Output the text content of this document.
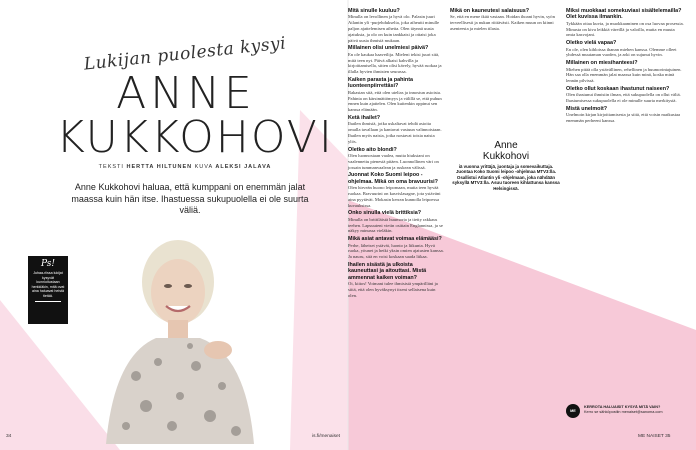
Lukijan puolesta kysyi
ANNE
KUKKOHOVI
TEKSTI HERTTA HILTUNEN KUVA ALEKSI JALAVA
Anne Kukkohovi haluaa, että kumppani on enemmän jalat maassa kuin hän itse. Ihastuessa sukupuolella ei ole suurta väliä.
Ps!
Juhaa-riissa lukijat kysyvät kunnioitustaan herkkiäkin, mitä ovat aina haluavat heistä tietää.
34	is.fi/menaiset
Mitä sinulle kuuluu?
Minulla on levollinen ja hyvä olo. Palasin juuri Atlantin yli -purjehdukselta, joka aiheutti minulle paljon ajattelemisen aihetta. Olen täynnä uusia ajatuksia, ja olo on kuin tankkaisi ja ottaisi joka päivä uusia ihmisiä mukaan.
Millainen olisi unelmiesi päivä?
En ole kaukaa haaveilija. Mieleni tekisi juuri sitä, mitä teen nyt. Päivä alkaisi kahvilla ja kirjoittamisella, sitten olisi kävely, hyvää ruokaa ja illalla hyvien ihmisten seurassa.
Kaiken parasta ja pahinta luonteenpiirrettäsi?
Rakastan sitä, että olen utelias ja innostun asioista. Pahinta on kärsimättömyys ja välillä se, että puhun ennen kuin ajattelen. Olen kuitenkin oppinut sen kanssa elämään.
Ketä ihailet?
Ihailen ihmisiä, jotka uskaltavat tehdä asioita omalla tavallaan ja kantavat vastuun valinnoistaan. Ihailen myös naisia, jotka nostavat toisia naisia ylös.
Oletko aito blondi?
Olen luonnostaan vaalea, mutta hiuksiani on vaalennettu pienestä pitäen. Luonnollinen väri on jossain tummanvaalean ja ruskean välissä.
Juonnat Koko Suomi leipoo -ohjelmaa. Mikä on oma bravuurisi?
Olen hirveän huono leipomaan, mutta teen hyvää ruokaa. Bravuurini on kasvislasagne, jota ystäväni aina pyytävät. Mokasin kerran kunnolla leipoessa kuvauksissa.
Onko sinulla vielä brittiksia?
Minulla on brittiläistä huumoria ja tietty rakkaus teehen. Lapsuuteni vietin osittain Englannissa, ja se näkyy minussa vieläkin.
Mikä asiat antavat voimaa elämääsi?
Perhe, läheiset ystävät, luonto ja liikunta. Hyvä ruoka, yöunet ja hetki yksin omien ajatusten kanssa. Ja nauru, sitä en voisi koskaan saada liikaa.
Ihailen sisästä ja ulkoista kauneuttasi ja aitouttasi. Mistä ammennat kaiken voiman?
Oi, kiitos! Voimani tulee ihmisistä ympärilläni ja siitä, että olen hyväksynyt itseni sellaisena kuin olen.
Mikä on kauneutesi salaisuus?
Se, että en mene ikää vastaan. Hoidan ihoani hyvin, syön terveellisesti ja nukun riittävästi. Kaiken muun on kiinni asenteesta ja mielen tilasta.
Anne
Kukkohovi
iä vuonna yrittäjä, juontaja ja somevaikuttaja. Juontaa Koko Suomi leipoo -ohjelmaa MTV3:lla. Osallistui Atlantin yli -ohjelmaan, joka nähdään syksyllä MTV3:lla. Asuu tuoreen kihlattunsa kanssa Helsingissä.
Miksi muokkaat somekuviasi sisältelemailla? Olet kuvissa ilmankin.
Tykkään ottaa kuvia, ja muokkaaminen on osa luovaa prosessia. Minusta on kiva leikkiä väreillä ja valoilla, mutta en muuta omia kasvojani.
Oletko vielä vapaa?
En ole, olen kihloissa ihanan miehen kanssa. Olemme olleet yhdessä muutaman vuoden, ja arki on sujunut hyvin.
Millainen on miesihanteesi?
Miehen pitää olla ystävällinen, rehellinen ja huumorintajuinen. Hän saa olla enemmän jalat maassa kuin minä, koska minä lennän pilvissä.
Oletko ollut koskaan ihastunut naiseen?
Olen ihastunut ihmisiin ilman, että sukupuolella on ollut väliä. Ihastumisessa sukupuolella ei ole minulle suurta merkitystä.
Mistä unelmoit?
Unelmoin kirjan kirjoittamisesta ja siitä, että voisin matkustaa enemmän perheeni kanssa.
ME
KERROTA HALUAISIT KYSYÄ MITÄ VAIN?
Kerro se sähköpostiin menaiset@sanoma.com
ME NAISET 35
